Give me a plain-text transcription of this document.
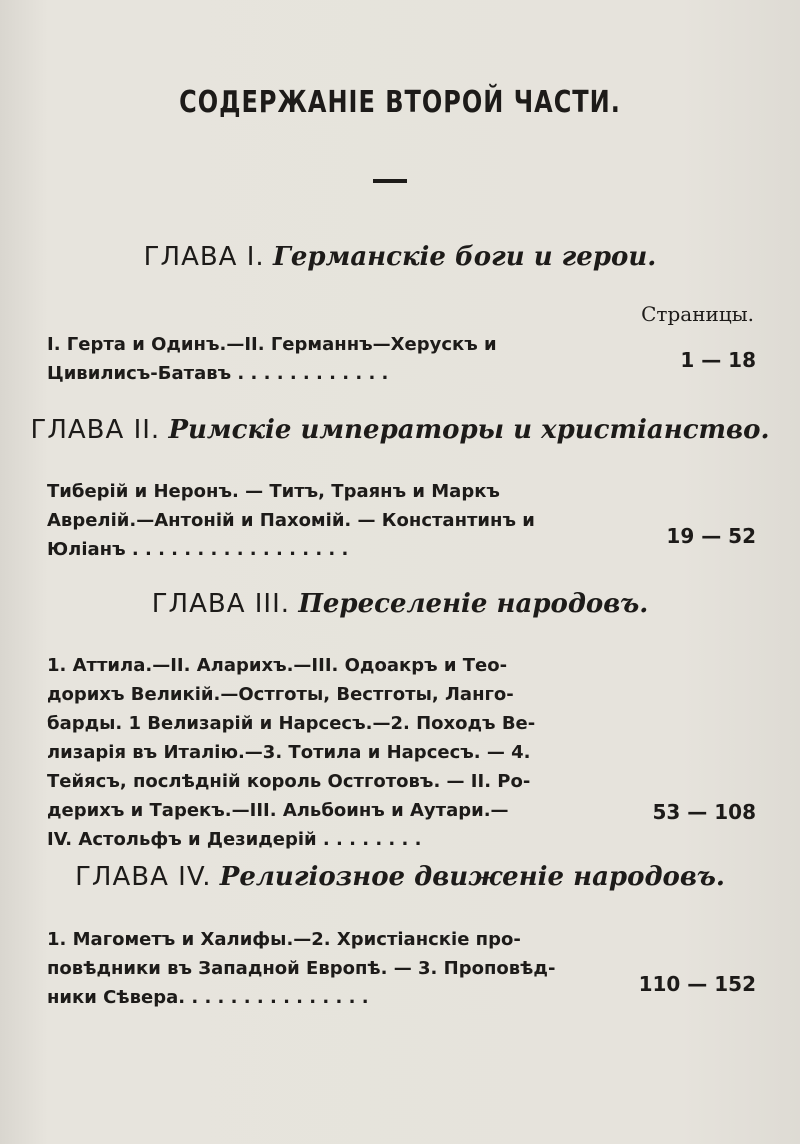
СОДЕРЖАНІЕ ВТОРОЙ ЧАСТИ.
ГЛАВА I. Германскіе боги и герои.
Страницы.
I. Герта и Одинъ.—II. Германнъ—Херускъ и
Цивилисъ-Батавъ . . . . . . . . . . . .
1 — 18
ГЛАВА II. Римскіе императоры и христіанство.
Тиберій и Неронъ. — Титъ, Траянъ и Маркъ
Аврелій.—Антоній и Пахомій. — Константинъ и
Юліанъ . . . . . . . . . . . . . . . . .
19 — 52
ГЛАВА III. Переселеніе народовъ.
1. Аттила.—II. Аларихъ.—III. Одоакръ и Тео-
дорихъ Великій.—Остготы, Вестготы, Ланго-
барды. 1 Велизарій и Нарсесъ.—2. Походъ Ве-
лизарія въ Италію.—3. Тотила и Нарсесъ. — 4.
Тейясъ, послѣдній король Остготовъ. — II. Ро-
дерихъ и Тарекъ.—III. Альбоинъ и Аутари.—
IV. Астольфъ и Дезидерій . . . . . . . .
53 — 108
ГЛАВА IV. Религіозное движеніе народовъ.
1. Магометъ и Халифы.—2. Христіанскіе про-
повѣдники въ Западной Европѣ. — 3. Проповѣд-
ники Сѣвера. . . . . . . . . . . . . . .
110 — 152
